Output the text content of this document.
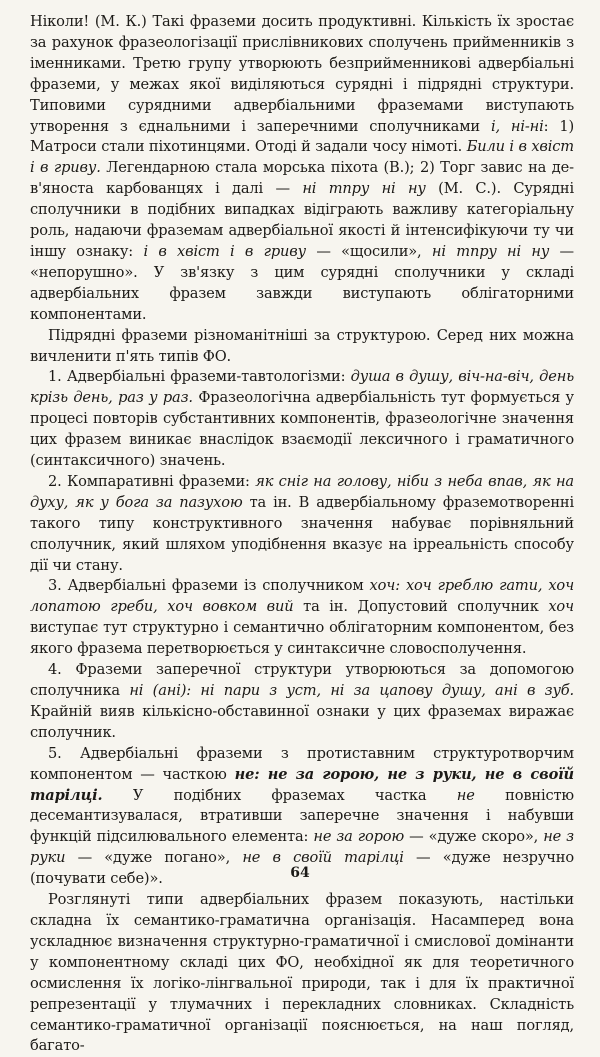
Ніколи! (М. К.) Такі фраземи досить продуктивні. Кількість їх зростає за рахунок фразеологізації прислівникових сполучень прийменників з іменниками. Третю групу утворюють безприйменникові адвербіальні фраземи, у межах якої виділяються сурядні і підрядні структури. Типовими сурядними адвербіальними фраземами виступають утворення з єднальними і заперечними сполучниками і, ні-ні: 1) Матроси стали піхотинцями. Отоді й задали чосу німоті. Били і в хвіст і в гриву. Легендарною стала морська піхота (В.); 2) Торг завис на дев'яноста карбованцях і далі — ні тпру ні ну (М. С.). Сурядні сполучники в подібних випадках відіграють важливу категоріальну роль, надаючи фраземам адвербіальної якості й інтенсифікуючи ту чи іншу ознаку: і в хвіст і в гриву — «щосили», ні тпру ні ну — «непорушно». У зв'язку з цим сурядні сполучники у складі адвербіальних фразем завжди виступають облігаторними компонентами.

Підрядні фраземи різноманітніші за структурою. Серед них можна вичленити п'ять типів ФО.

1. Адвербіальні фраземи-тавтологізми: душа в душу, віч-на-віч, день крізь день, раз у раз. Фразеологічна адвербіальність тут формується у процесі повторів субстантивних компонентів, фразеологічне значення цих фразем виникає внаслідок взаємодії лексичного і граматичного (синтаксичного) значень.

2. Компаративні фраземи: як сніг на голову, ніби з неба впав, як на духу, як у бога за пазухою та ін. В адвербіальному фраземотворенні такого типу конструктивного значення набуває порівняльний сполучник, який шляхом уподібнення вказує на ірреальність способу дії чи стану.

3. Адвербіальні фраземи із сполучником хоч: хоч греблю гати, хоч лопатою греби, хоч вовком вий та ін. Допустовий сполучник хоч виступає тут структурно і семантично облігаторним компонентом, без якого фразема перетворюється у синтаксичне словосполучення.

4. Фраземи заперечної структури утворюються за допомогою сполучника ні (ані): ні пари з уст, ні за цапову душу, ані в зуб. Крайній вияв кількісно-обставинної ознаки у цих фраземах виражає сполучник.

5. Адвербіальні фраземи з протиставним структуротворчим компонентом — часткою не: не за горою, не з руки, не в своїй тарілці. У подібних фраземах частка не повністю десемантизувалася, втративши заперечне значення і набувши функцій підсилювального елемента: не за горою — «дуже скоро», не з руки — «дуже погано», не в своїй тарілці — «дуже незручно (почувати себе)».

Розглянуті типи адвербіальних фразем показують, настільки складна їх семантико-граматична організація. Насамперед вона ускладнює визначення структурно-граматичної і смислової домінанти у компонентному складі цих ФО, необхідної як для теоретичного осмислення їх логіко-лінгвальної природи, так і для їх практичної репрезентації у тлумачних і перекладних словниках. Складність семантико-граматичної організації пояснюється, на наш погляд, багато-

64
